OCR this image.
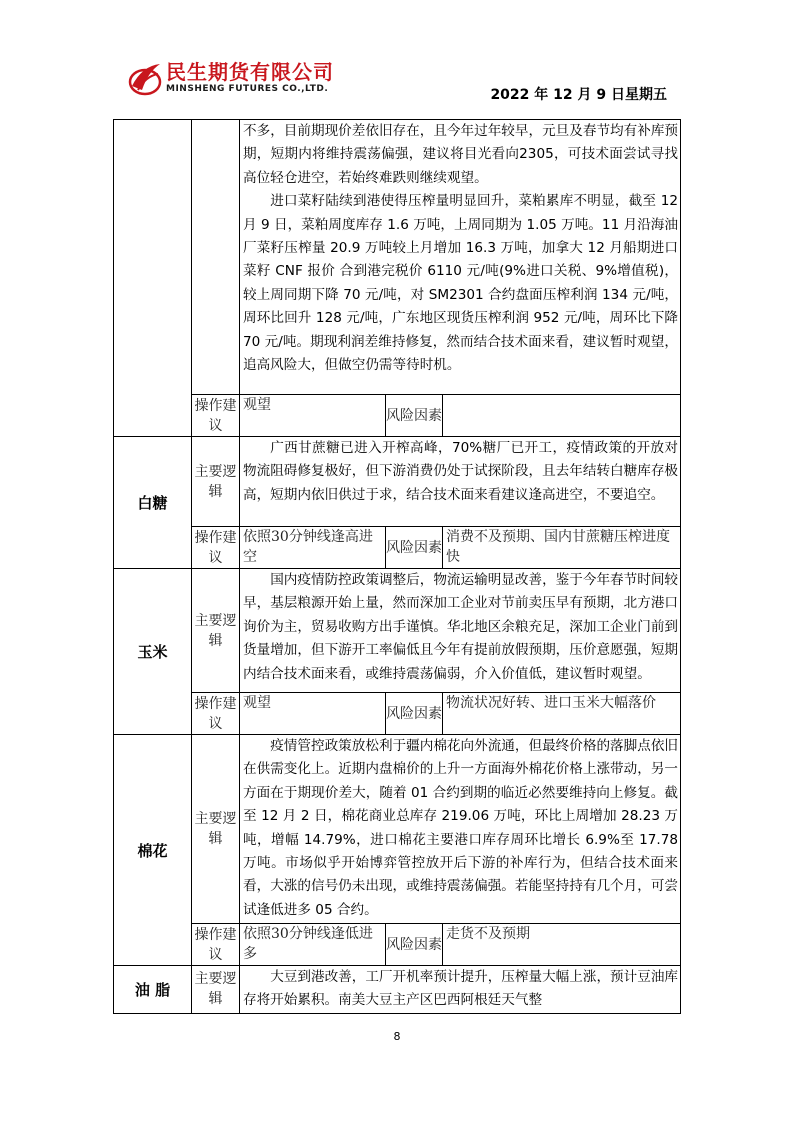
民生期货有限公司
MINSHENG FUTURES CO.,LTD.	2022 年 12 月 9 日星期五

		不多，目前期现价差依旧存在，且今年过年较早，元旦及春节均有补库预期，短期内将维持震荡偏强，建议将目光看向2305，可技术面尝试寻找高位轻仓进空，若始终难跌则继续观望。

进口菜籽陆续到港使得压榨量明显回升，菜粕累库不明显，截至 12 月 9 日，菜粕周度库存 1.6 万吨，上周同期为 1.05 万吨。11 月沿海油厂菜籽压榨量 20.9 万吨较上月增加 16.3 万吨，加拿大 12 月船期进口菜籽 CNF 报价 合到港完税价 6110 元/吨(9%进口关税、9%增值税)，较上周同期下降 70 元/吨，对 SM2301 合约盘面压榨利润 134 元/吨，周环比回升 128 元/吨，广东地区现货压榨利润 952 元/吨，周环比下降 70 元/吨。期现利润差维持修复，然而结合技术面来看，建议暂时观望，追高风险大，但做空仍需等待时机。		

	操作建议	观望	风险因素	
白糖	主要逻辑	广西甘蔗糖已进入开榨高峰，70%糖厂已开工，疫情政策的开放对物流阻碍修复极好，但下游消费仍处于试探阶段，且去年结转白糖库存极高，短期内依旧供过于求，结合技术面来看建议逢高进空，不要追空。		

	操作建议	依照30分钟线逢高进空	风险因素	消费不及预期、国内甘蔗糖压榨进度快
玉米	主要逻辑	国内疫情防控政策调整后，物流运输明显改善，鉴于今年春节时间较早，基层粮源开始上量，然而深加工企业对节前卖压早有预期，北方港口询价为主，贸易收购方出手谨慎。华北地区余粮充足，深加工企业门前到货量增加，但下游开工率偏低且今年有提前放假预期，压价意愿强，短期内结合技术面来看，或维持震荡偏弱，介入价值低，建议暂时观望。		

	操作建议	观望	风险因素	物流状况好转、进口玉米大幅落价
棉花	主要逻辑	疫情管控政策放松利于疆内棉花向外流通，但最终价格的落脚点依旧在供需变化上。近期内盘棉价的上升一方面海外棉花价格上涨带动，另一方面在于期现价差大，随着 01 合约到期的临近必然要维持向上修复。截至 12 月 2 日，棉花商业总库存 219.06 万吨，环比上周增加 28.23 万吨，增幅 14.79%，进口棉花主要港口库存周环比增长 6.9%至 17.78 万吨。市场似乎开始博弈管控放开后下游的补库行为，但结合技术面来看，大涨的信号仍未出现，或维持震荡偏强。若能坚持持有几个月，可尝试逢低进多 05 合约。		

	操作建议	依照30分钟线逢低进多	风险因素	走货不及预期
油 脂	主要逻辑	大豆到港改善，工厂开机率预计提升，压榨量大幅上涨，预计豆油库存将开始累积。南美大豆主产区巴西阿根廷天气整		

8
